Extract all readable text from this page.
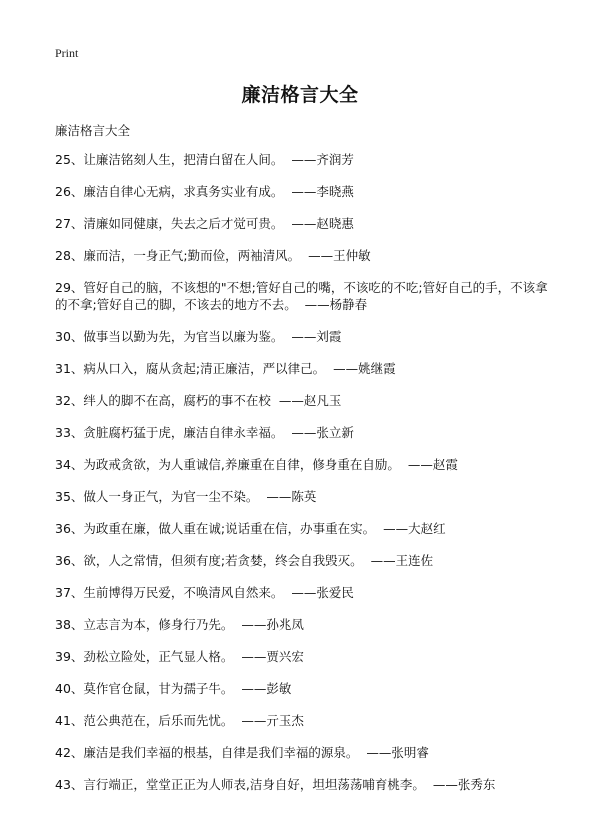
Print
廉洁格言大全
廉洁格言大全
25、让廉洁铭刻人生，把清白留在人间。 ——齐润芳
26、廉洁自律心无病，求真务实业有成。 ——李晓燕
27、清廉如同健康，失去之后才觉可贵。 ——赵晓惠
28、廉而洁，一身正气;勤而俭，两袖清风。 ——王仲敏
29、管好自己的脑，不该想的"不想;管好自己的嘴，不该吃的不吃;管好自己的手，不该拿的不拿;管好自己的脚，不该去的地方不去。 ——杨静春
30、做事当以勤为先，为官当以廉为鉴。 ——刘霞
31、病从口入，腐从贪起;清正廉洁，严以律己。 ——姚继霞
32、绊人的脚不在高，腐朽的事不在校 ——赵凡玉
33、贪脏腐朽猛于虎，廉洁自律永幸福。 ——张立新
34、为政戒贪欲，为人重诚信,养廉重在自律，修身重在自励。 ——赵霞
35、做人一身正气，为官一尘不染。 ——陈英
36、为政重在廉，做人重在诚;说话重在信，办事重在实。 ——大赵红
36、欲，人之常情，但须有度;若贪婪，终会自我毁灭。 ——王连佐
37、生前博得万民爱，不唤清风自然来。 ——张爱民
38、立志言为本，修身行乃先。 ——孙兆凤
39、劲松立险处，正气显人格。 ——贾兴宏
40、莫作官仓鼠，甘为孺子牛。 ——彭敏
41、范公典范在，后乐而先忧。 ——亓玉杰
42、廉洁是我们幸福的根基，自律是我们幸福的源泉。 ——张明睿
43、言行端正，堂堂正正为人师表,洁身自好，坦坦荡荡哺育桃李。 ——张秀东
